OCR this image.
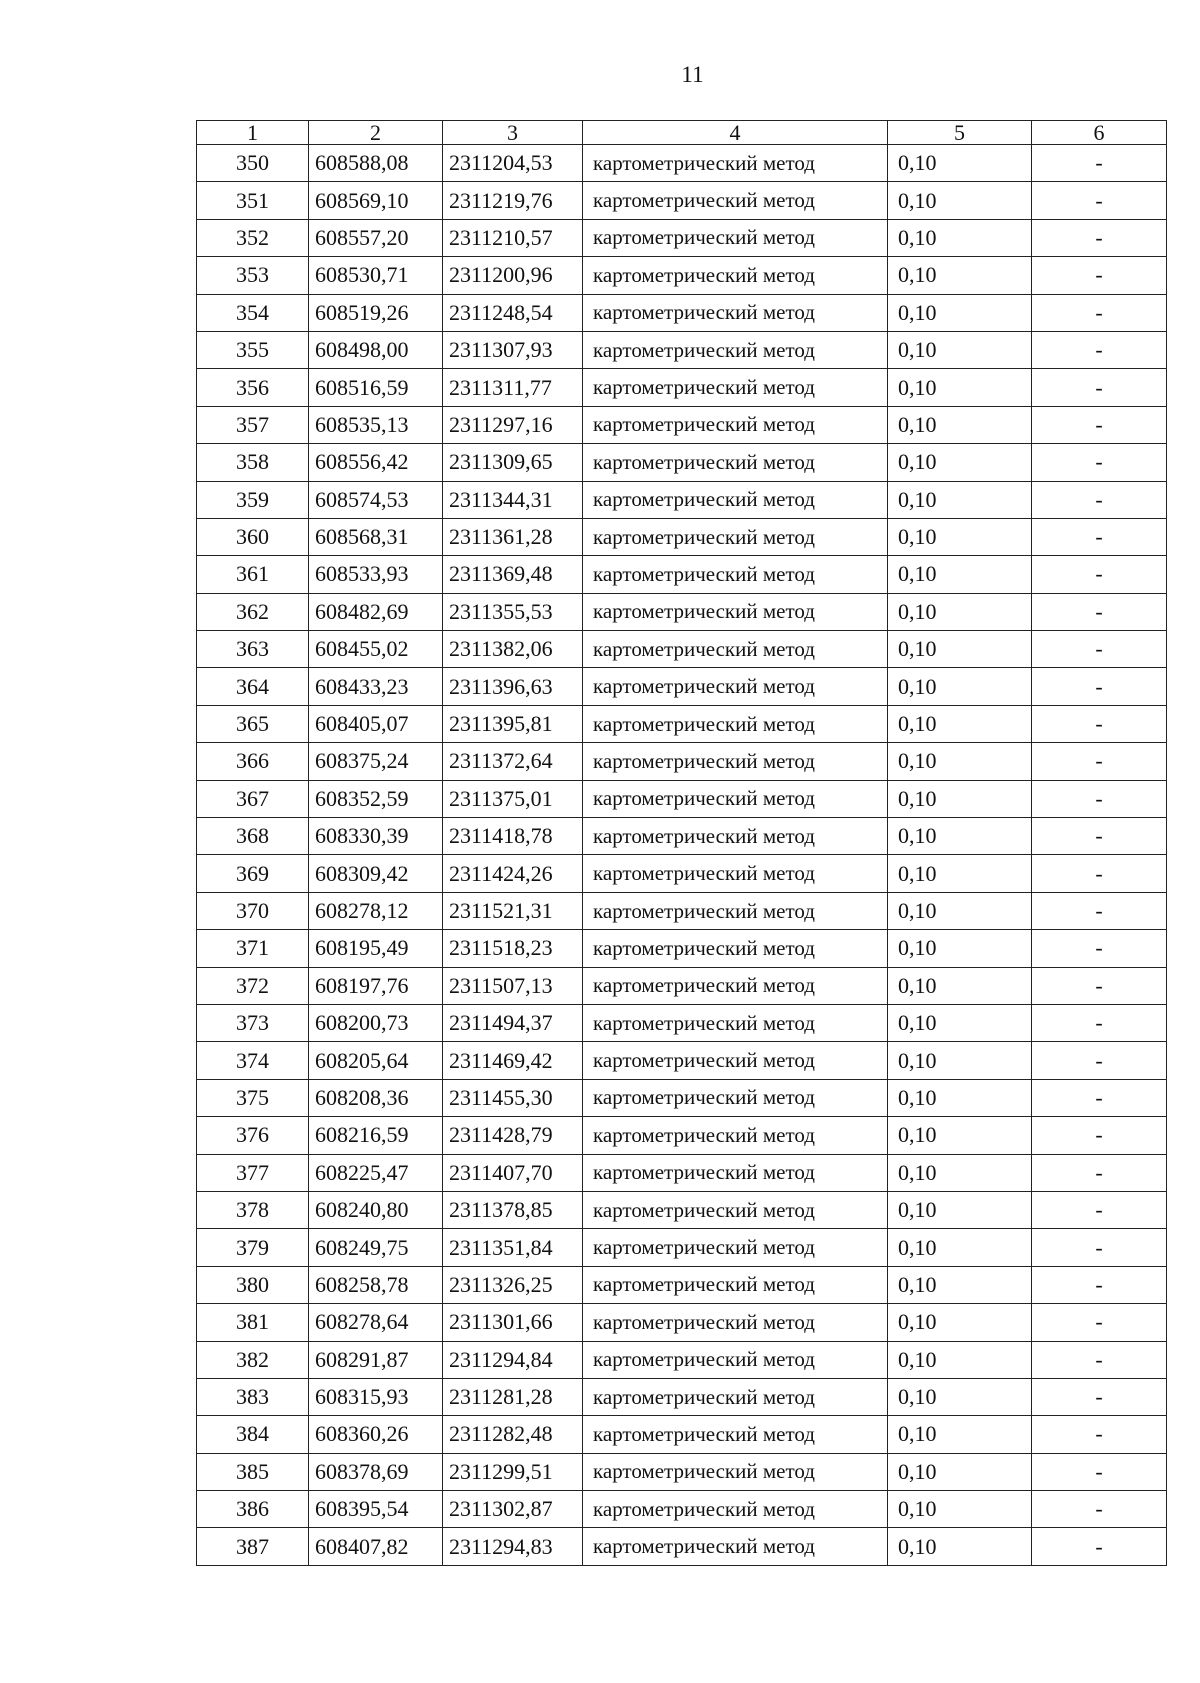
11
1	2	3	4	5	6
350	608588,08	2311204,53	картометрический метод	0,10	-
351	608569,10	2311219,76	картометрический метод	0,10	-
352	608557,20	2311210,57	картометрический метод	0,10	-
353	608530,71	2311200,96	картометрический метод	0,10	-
354	608519,26	2311248,54	картометрический метод	0,10	-
355	608498,00	2311307,93	картометрический метод	0,10	-
356	608516,59	2311311,77	картометрический метод	0,10	-
357	608535,13	2311297,16	картометрический метод	0,10	-
358	608556,42	2311309,65	картометрический метод	0,10	-
359	608574,53	2311344,31	картометрический метод	0,10	-
360	608568,31	2311361,28	картометрический метод	0,10	-
361	608533,93	2311369,48	картометрический метод	0,10	-
362	608482,69	2311355,53	картометрический метод	0,10	-
363	608455,02	2311382,06	картометрический метод	0,10	-
364	608433,23	2311396,63	картометрический метод	0,10	-
365	608405,07	2311395,81	картометрический метод	0,10	-
366	608375,24	2311372,64	картометрический метод	0,10	-
367	608352,59	2311375,01	картометрический метод	0,10	-
368	608330,39	2311418,78	картометрический метод	0,10	-
369	608309,42	2311424,26	картометрический метод	0,10	-
370	608278,12	2311521,31	картометрический метод	0,10	-
371	608195,49	2311518,23	картометрический метод	0,10	-
372	608197,76	2311507,13	картометрический метод	0,10	-
373	608200,73	2311494,37	картометрический метод	0,10	-
374	608205,64	2311469,42	картометрический метод	0,10	-
375	608208,36	2311455,30	картометрический метод	0,10	-
376	608216,59	2311428,79	картометрический метод	0,10	-
377	608225,47	2311407,70	картометрический метод	0,10	-
378	608240,80	2311378,85	картометрический метод	0,10	-
379	608249,75	2311351,84	картометрический метод	0,10	-
380	608258,78	2311326,25	картометрический метод	0,10	-
381	608278,64	2311301,66	картометрический метод	0,10	-
382	608291,87	2311294,84	картометрический метод	0,10	-
383	608315,93	2311281,28	картометрический метод	0,10	-
384	608360,26	2311282,48	картометрический метод	0,10	-
385	608378,69	2311299,51	картометрический метод	0,10	-
386	608395,54	2311302,87	картометрический метод	0,10	-
387	608407,82	2311294,83	картометрический метод	0,10	-
